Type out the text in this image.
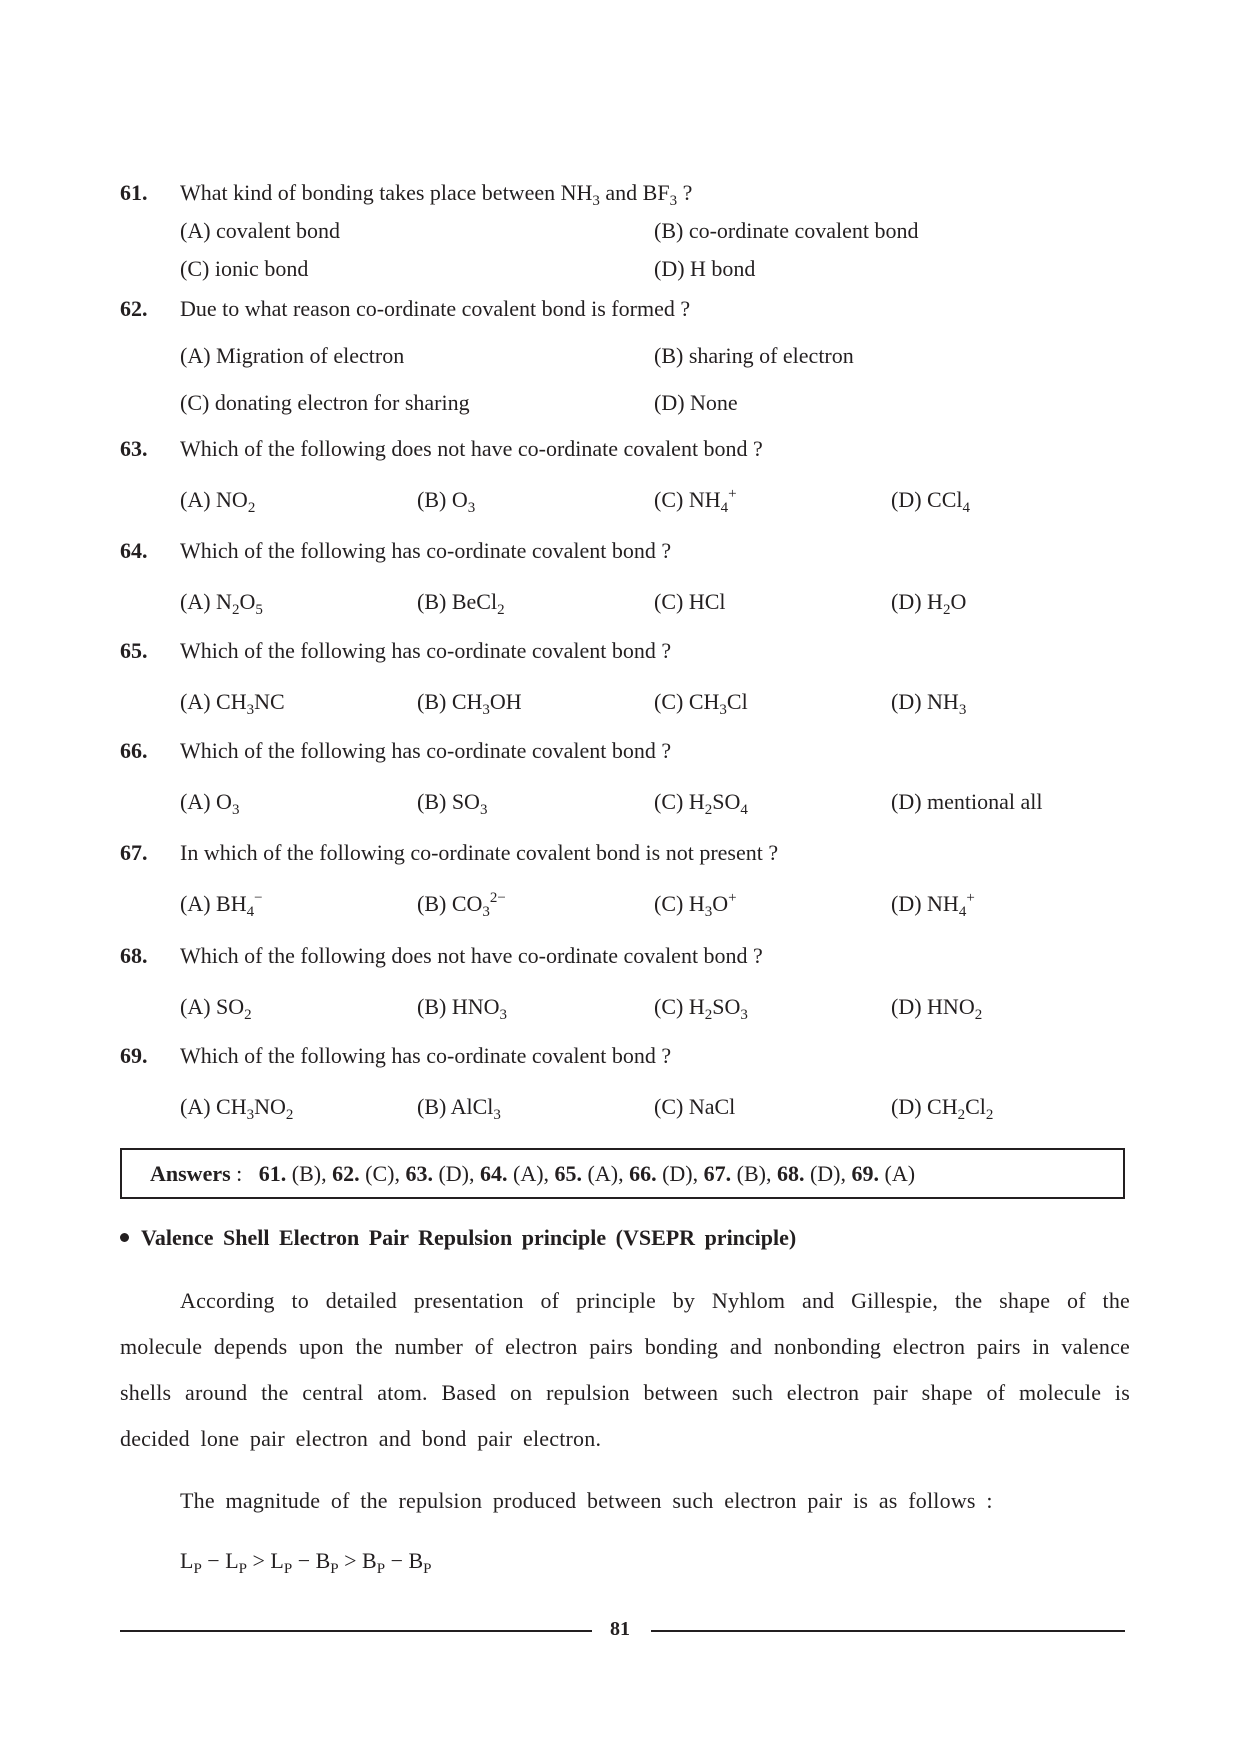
61. What kind of bonding takes place between $NH_3$ and $BF_3$ ?
(A) covalent bond	(B) co-ordinate covalent bond
(C) ionic bond	(D) H bond
62. Due to what reason co-ordinate covalent bond is formed ?
(A) Migration of electron	(B) sharing of electron
(C) donating electron for sharing	(D) None
63. Which of the following does not have co-ordinate covalent bond ?
(A) $NO_2$	(B) $O_3$	(C) $NH_4^+$	(D) CCl$_4$
64. Which of the following has co-ordinate covalent bond ?
(A) $N_2O_5$	(B) BeCl$_2$	(C) HCl	(D) $H_2O$
65. Which of the following has co-ordinate covalent bond ?
(A) $CH_3NC$	(B) $CH_3OH$	(C) $CH_3Cl$	(D) $NH_3$
66. Which of the following has co-ordinate covalent bond ?
(A) $O_3$	(B) $SO_3$	(C) $H_2SO_4$	(D) mentional all
67. In which of the following co-ordinate covalent bond is not present ?
(A) $BH_4^-$	(B) $CO_3^{2-}$	(C) $H_3O^+$	(D) $NH_4^+$
68. Which of the following does not have co-ordinate covalent bond ?
(A) $SO_2$	(B) $HNO_3$	(C) $H_2SO_3$	(D) $HNO_2$
69. Which of the following has co-ordinate covalent bond ?
(A) $CH_3NO_2$	(B) AlCl$_3$	(C) NaCl	(D) $CH_2Cl_2$
Answers :   61. (B), 62. (C), 63. (D), 64. (A), 65. (A), 66. (D), 67. (B), 68. (D), 69. (A)
Valence Shell Electron Pair Repulsion principle (VSEPR principle)
According to detailed presentation of principle by Nyhlom and Gillespie, the shape of the molecule depends upon the number of electron pairs bonding and nonbonding electron pairs in valence shells around the central atom. Based on repulsion between such electron pair shape of molecule is decided lone pair electron and bond pair electron.
The magnitude of the repulsion produced between such electron pair is as follows :
$L_P - L_P > L_P - B_P > B_P - B_P$
81
